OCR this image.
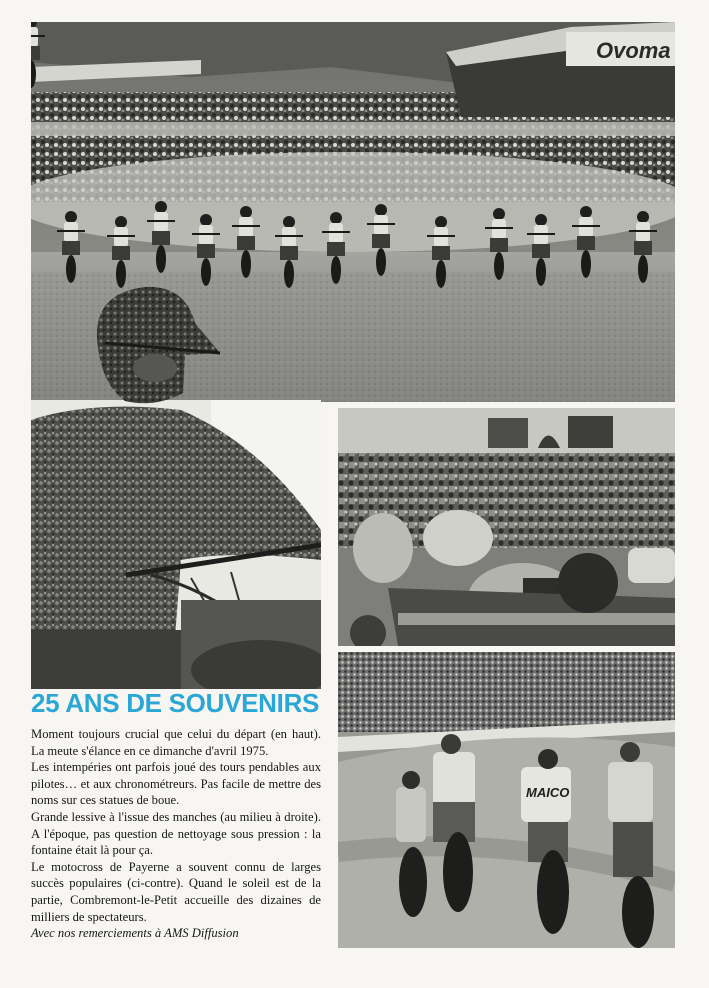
Ovoma
MAICO
25 ANS DE SOUVENIRS

Moment toujours crucial que celui du départ (en haut). La meute s'élance en ce dimanche d'avril 1975.

Les intempéries ont parfois joué des tours pendables aux pilotes… et aux chronométreurs. Pas facile de mettre des noms sur ces statues de boue.

Grande lessive à l'issue des manches (au milieu à droite). A l'époque, pas question de nettoyage sous pression : la fontaine était là pour ça.

Le motocross de Payerne a souvent connu de larges succès populaires (ci-contre). Quand le soleil est de la partie, Combremont-le-Petit accueille des dizaines de milliers de spectateurs.

Avec nos remerciements à AMS Diffusion
